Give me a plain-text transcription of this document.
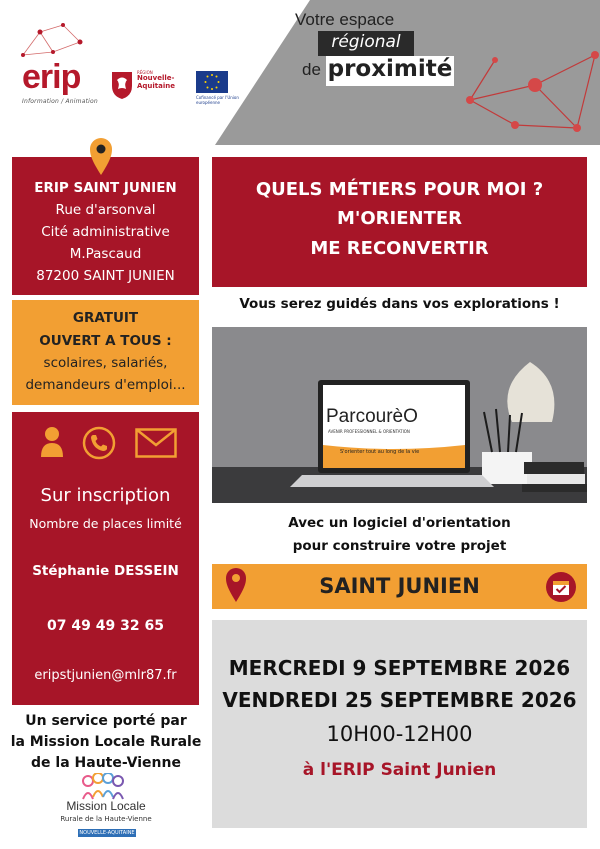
Votre espace
régional
de proximité
erip
Information / Animation
RÉGION
Nouvelle-Aquitaine
Cofinancé par l'Union européenne
ERIP SAINT JUNIEN
Rue d'arsonval
Cité administrative
M.Pascaud
87200 SAINT JUNIEN
GRATUIT
OUVERT A TOUS :
scolaires, salariés,
demandeurs d'emploi...
Sur inscription
Nombre de places limité
Stéphanie DESSEIN
07 49 49 32 65
eripstjunien@mlr87.fr
Un service porté par
la Mission Locale Rurale
de la Haute-Vienne
Mission Locale
Rurale de la Haute-Vienne
NOUVELLE-AQUITAINE
QUELS MÉTIERS POUR MOI ?
M'ORIENTER
ME RECONVERTIR
Vous serez guidés dans vos explorations !
ParcourèO
AVENIR PROFESSIONNEL & ORIENTATION
S'orienter tout au long de la vie
Avec un logiciel d'orientation
pour construire votre projet
SAINT JUNIEN
MERCREDI 9 SEPTEMBRE 2026
VENDREDI 25 SEPTEMBRE 2026
10H00-12H00
à l'ERIP Saint Junien
